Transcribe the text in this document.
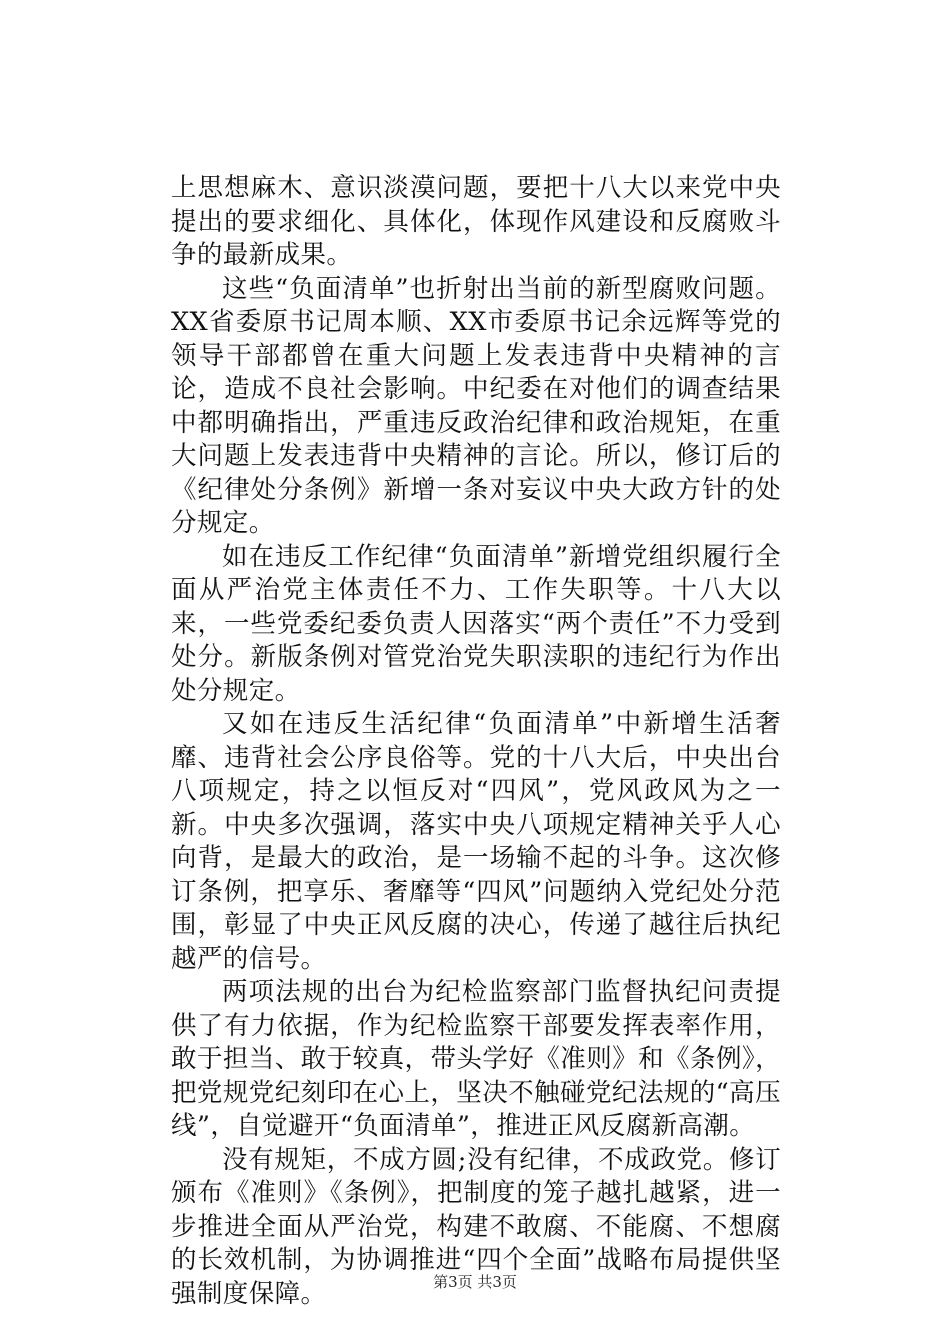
上思想麻木、意识淡漠问题，要把十八大以来党中央提出的要求细化、具体化，体现作风建设和反腐败斗争的最新成果。

这些“负面清单”也折射出当前的新型腐败问题。XX省委原书记周本顺、XX市委原书记余远辉等党的领导干部都曾在重大问题上发表违背中央精神的言论，造成不良社会影响。中纪委在对他们的调查结果中都明确指出，严重违反政治纪律和政治规矩，在重大问题上发表违背中央精神的言论。所以，修订后的《纪律处分条例》新增一条对妄议中央大政方针的处分规定。

如在违反工作纪律“负面清单”新增党组织履行全面从严治党主体责任不力、工作失职等。十八大以来，一些党委纪委负责人因落实“两个责任”不力受到处分。新版条例对管党治党失职渎职的违纪行为作出处分规定。

又如在违反生活纪律“负面清单”中新增生活奢靡、违背社会公序良俗等。党的十八大后，中央出台八项规定，持之以恒反对“四风”，党风政风为之一新。中央多次强调，落实中央八项规定精神关乎人心向背，是最大的政治，是一场输不起的斗争。这次修订条例，把享乐、奢靡等“四风”问题纳入党纪处分范围，彰显了中央正风反腐的决心，传递了越往后执纪越严的信号。

两项法规的出台为纪检监察部门监督执纪问责提供了有力依据，作为纪检监察干部要发挥表率作用，敢于担当、敢于较真，带头学好《准则》和《条例》，把党规党纪刻印在心上，坚决不触碰党纪法规的“高压线”，自觉避开“负面清单”，推进正风反腐新高潮。

没有规矩，不成方圆;没有纪律，不成政党。修订颁布《准则》《条例》，把制度的笼子越扎越紧，进一步推进全面从严治党，构建不敢腐、不能腐、不想腐的长效机制，为协调推进“四个全面”战略布局提供坚强制度保障。	第3页 共3页
